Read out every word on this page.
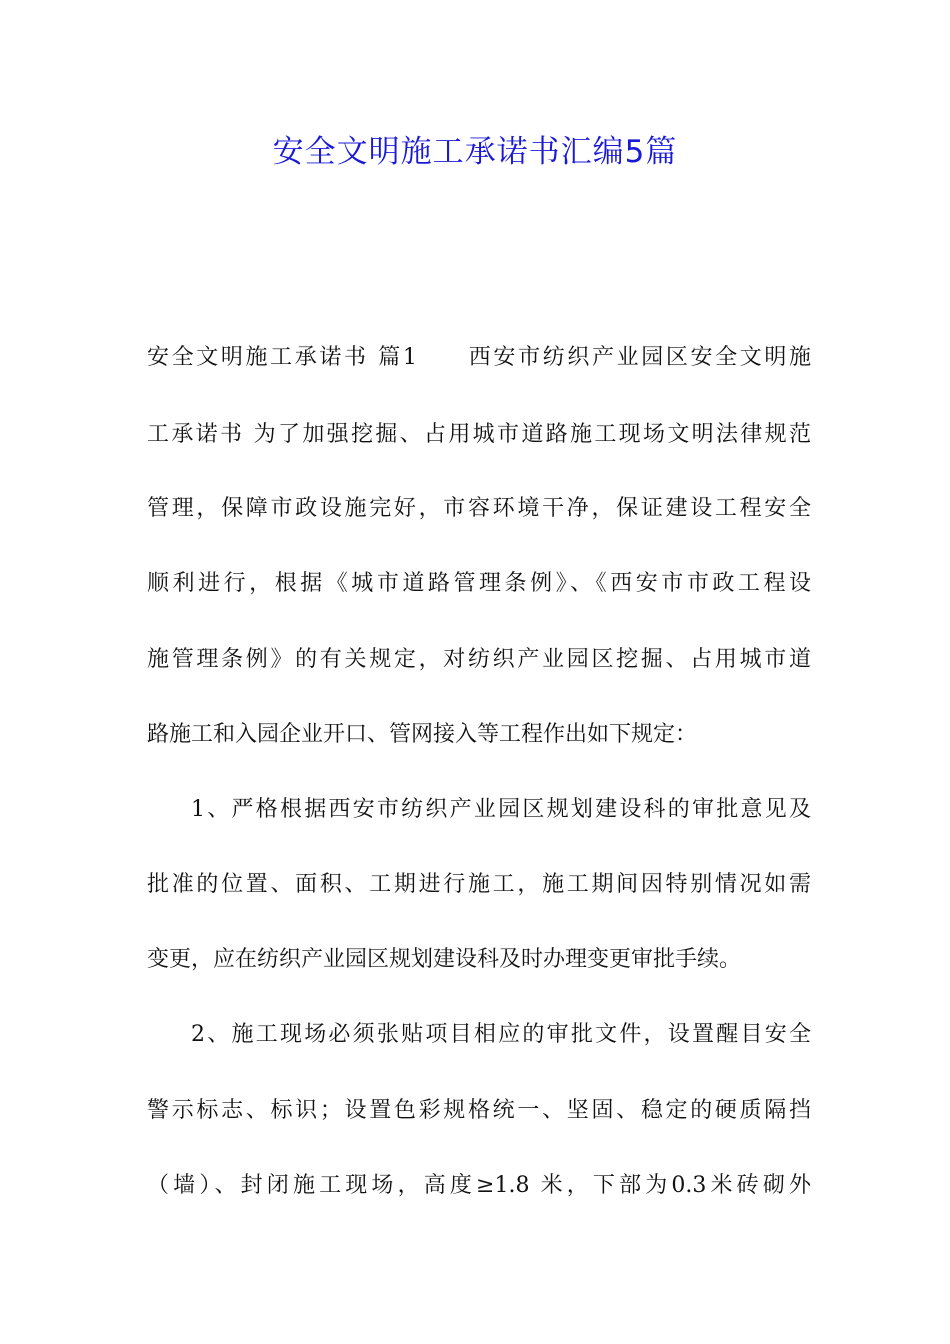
安全文明施工承诺书汇编5篇
安全文明施工承诺书 篇1　　西安市纺织产业园区安全文明施
工承诺书 为了加强挖掘、占用城市道路施工现场文明法律规范
管理，保障市政设施完好，市容环境干净，保证建设工程安全
顺利进行，根据《城市道路管理条例》、《西安市市政工程设
施管理条例》的有关规定，对纺织产业园区挖掘、占用城市道
路施工和入园企业开口、管网接入等工程作出如下规定：
1、严格根据西安市纺织产业园区规划建设科的审批意见及
批准的位置、面积、工期进行施工，施工期间因特别情况如需
变更，应在纺织产业园区规划建设科及时办理变更审批手续。
2、施工现场必须张贴项目相应的审批文件，设置醒目安全
警示标志、标识；设置色彩规格统一、坚固、稳定的硬质隔挡
（墙）、封闭施工现场，高度≥1.8 米，下部为0.3米砖砌外
